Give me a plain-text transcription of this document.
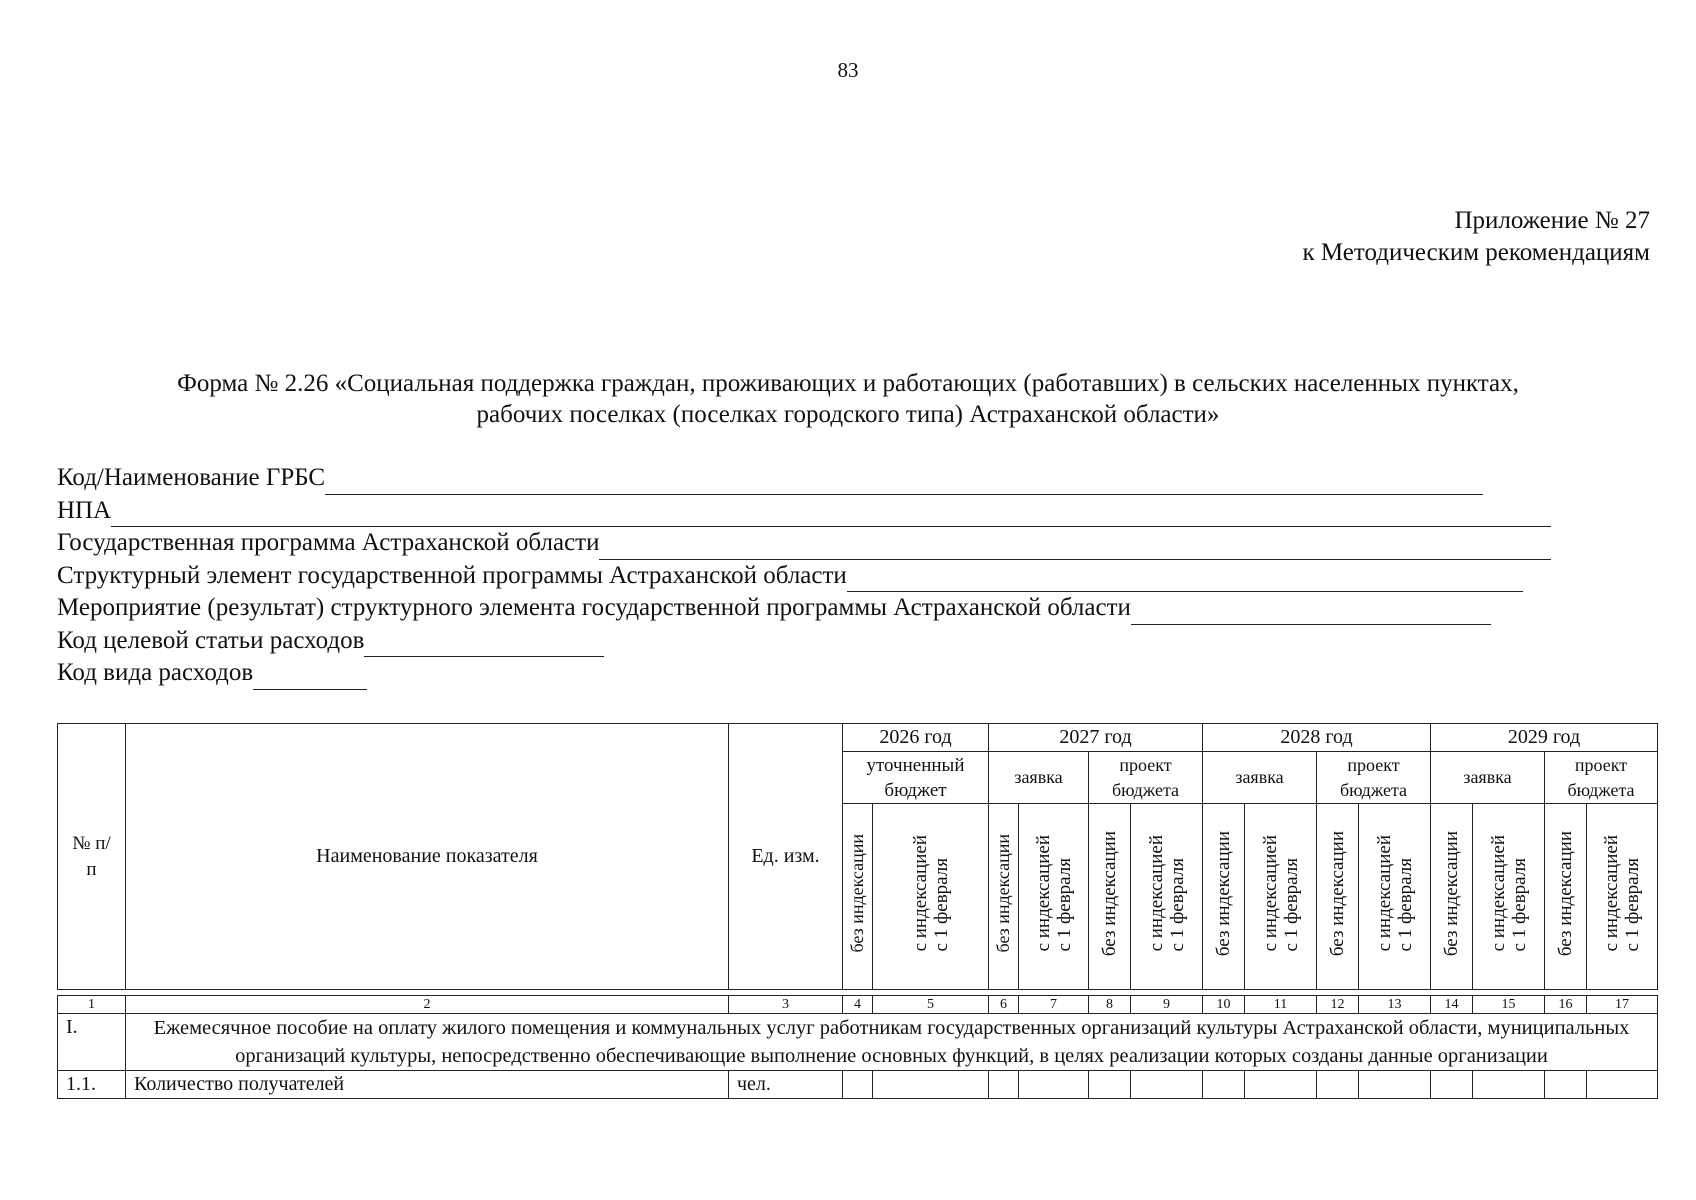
83
Приложение № 27
к Методическим рекомендациям
Форма № 2.26 «Социальная поддержка граждан, проживающих и работающих (работавших) в сельских населенных пунктах,
рабочих поселках (поселках городского типа) Астраханской области»
Код/Наименование ГРБС
НПА
Государственная программа Астраханской области
Структурный элемент государственной программы Астраханской области
Мероприятие (результат) структурного элемента государственной программы Астраханской области
Код целевой статьи расходов
Код вида расходов
№ п/п	Наименование показателя	Ед. изм.	2026 год		2027 год				2028 год				2029 год			
			уточненный бюджет		заявка		проект бюджета		заявка		проект бюджета		заявка		проект бюджета	

			без индексации	с индексациейс 1 февраля	без индексации	с индексациейс 1 февраля	без индексации	с индексациейс 1 февраля	без индексации	с индексациейс 1 февраля	без индексации	с индексациейс 1 февраля	без индексации	с индексациейс 1 февраля	без индексации	с индексациейс 1 февраля

1	2	3	4	5	6	7	8	9	10	11	12	13	14	15	16	17
I.	Ежемесячное пособие на оплату жилого помещения и коммунальных услуг работникам государственных организаций культуры Астраханской области, муниципальных организаций культуры, непосредственно обеспечивающие выполнение основных функций, в целях реализации которых созданы данные организации															
1.1.	Количество получателей	чел.														
